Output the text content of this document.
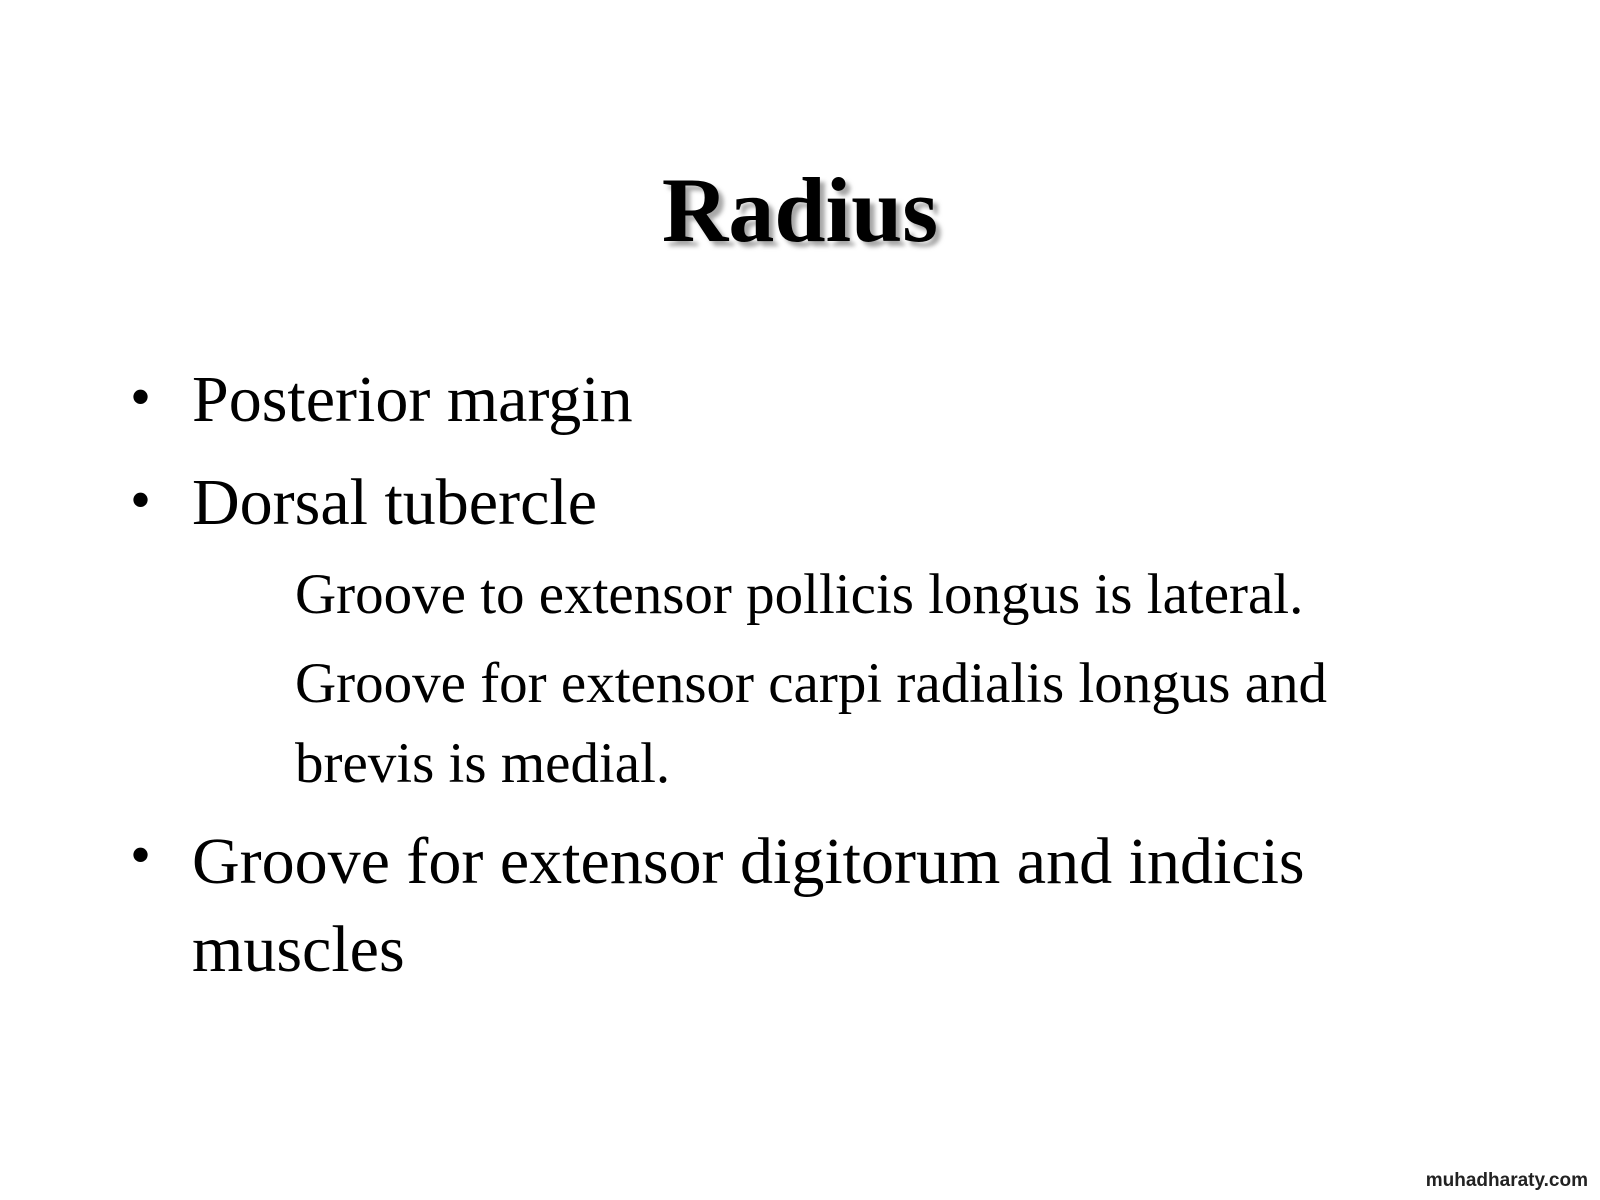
Radius
• Posterior margin
• Dorsal tubercle
Groove to extensor pollicis longus is lateral.
Groove for extensor carpi radialis longus and brevis is medial.
• Groove for extensor digitorum and indicis muscles
muhadharaty.com
